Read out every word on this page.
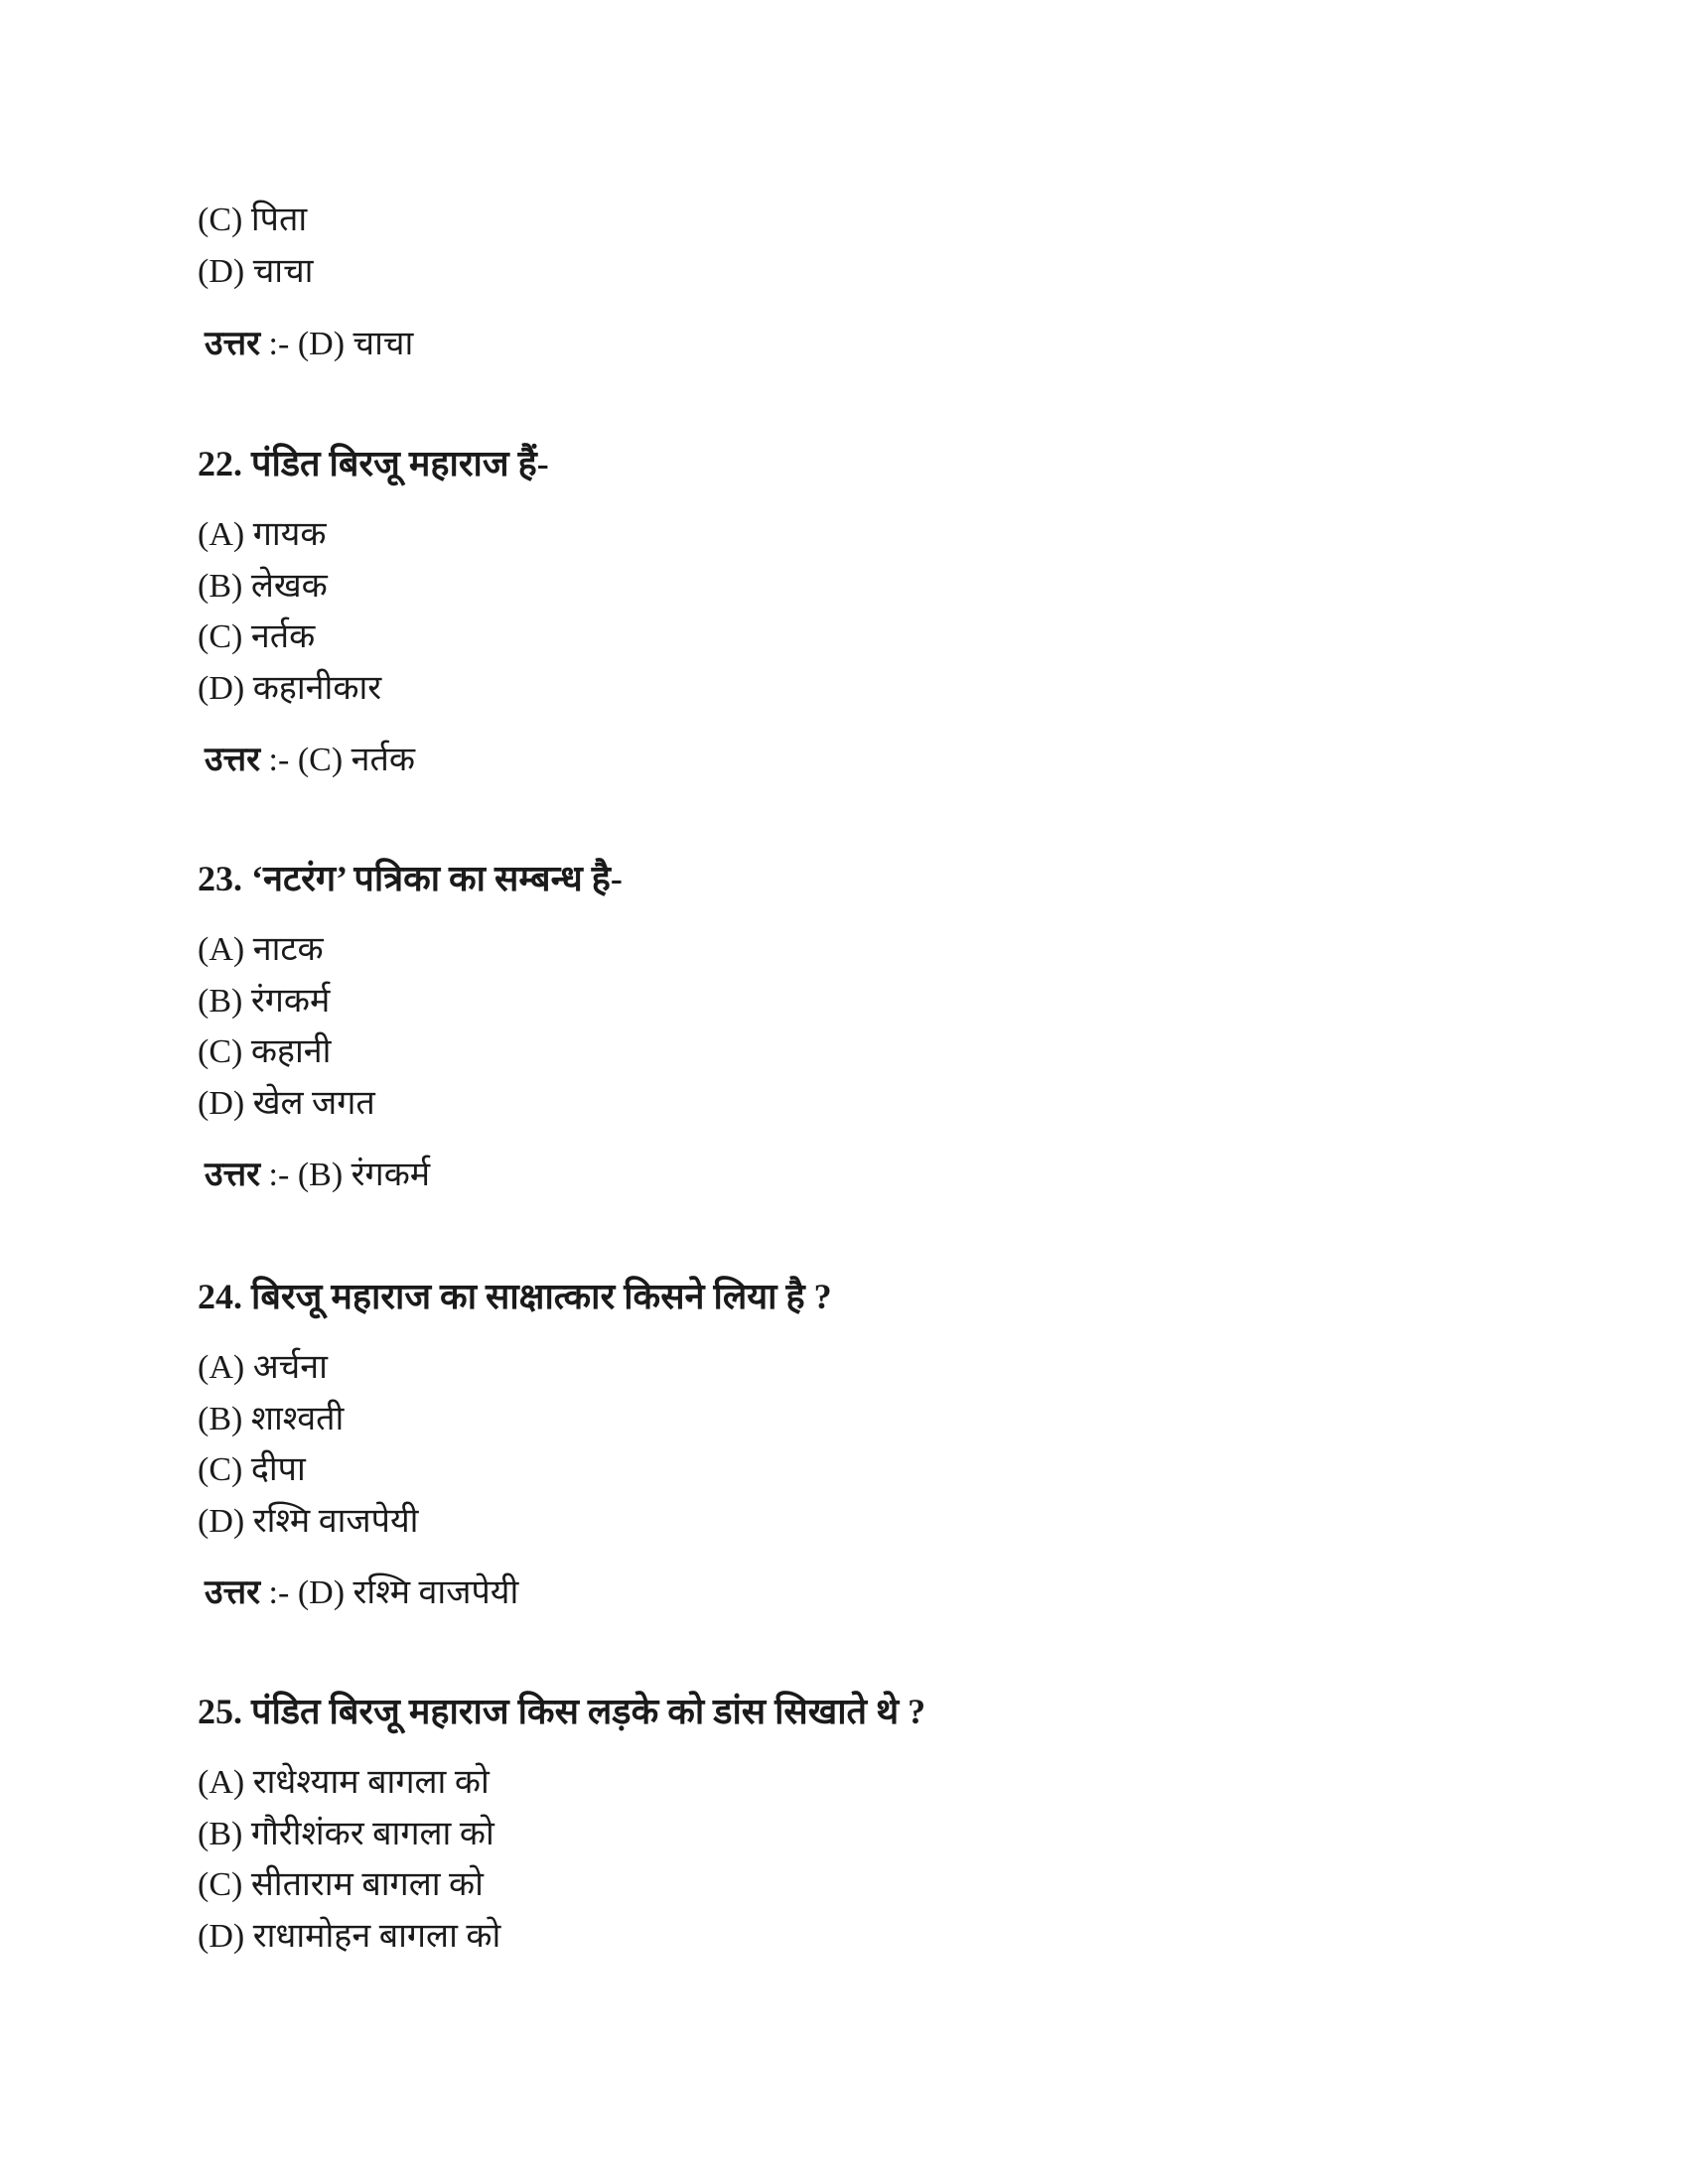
(C) पिता
(D) चाचा
उत्तर :- (D) चाचा
22. पंडित बिरजू महाराज हैं-
(A) गायक
(B) लेखक
(C) नर्तक
(D) कहानीकार
उत्तर :- (C) नर्तक
23. ‘नटरंग’ पत्रिका का सम्बन्ध है-
(A) नाटक
(B) रंगकर्म
(C) कहानी
(D) खेल जगत
उत्तर :- (B) रंगकर्म
24. बिरजू महाराज का साक्षात्कार किसने लिया है ?
(A) अर्चना
(B) शाश्वती
(C) दीपा
(D) रश्मि वाजपेयी
उत्तर :- (D) रश्मि वाजपेयी
25. पंडित बिरजू महाराज किस लड़के को डांस सिखाते थे ?
(A) राधेश्याम बागला को
(B) गौरीशंकर बागला को
(C) सीताराम बागला को
(D) राधामोहन बागला को
